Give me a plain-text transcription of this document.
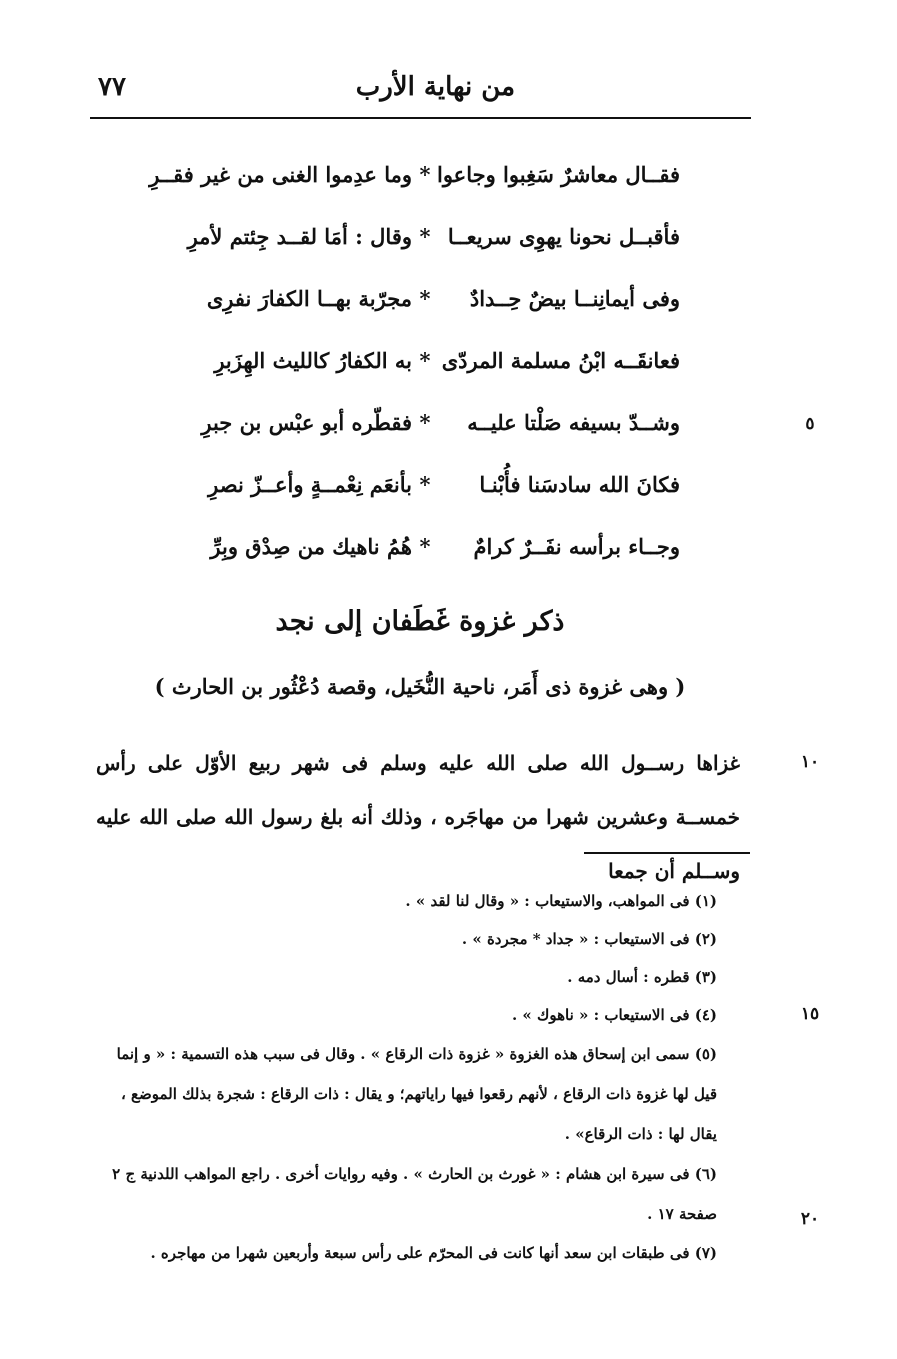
من نهاية الأرب
٧٧
فقــال معاشرٌ سَغِبوا وجاعوا
*
وما عدِموا الغنى من غير فقــرِ
فأقبــل نحونا يهوِى سريعــا
*
وقال : أمَا لقــد جِئتم لأمرِ
وفى أيمانِنــا بيضٌ حِــدادٌ
*
مجرّبة بهــا الكفارَ نفرِى
فعانقَــه ابْنُ مسلمة المردّى
*
به الكفارُ كالليث الهِزَبرِ
وشــدّ بسيفه صَلْتا عليــه
*
فقطّره أبو عبْس بن جبرِ
فكانَ الله سادسَنا فأُبْنـا
*
بأنعَم نِعْمــةٍ وأعــزّ نصرِ
وجــاء برأسه نفَــرٌ كرامٌ
*
هُمُ ناهيك من صِدْق وبِرِّ
٥
ذكر غزوة غَطَفان إلى نجد
( وهى غزوة ذى أَمَر، ناحية النُّخَيل، وقصة دُعْثُور بن الحارث )
غزاها رســول الله صلى الله عليه وسلم فى شهر ربيع الأوّل على رأس خمســة وعشرين شهرا من مهاجَره ، وذلك أنه بلغ رسول الله صلى الله عليه وســلم أن جمعا
١٠
(١) فى المواهب، والاستيعاب : « وقال لنا لقد » .
(٢) فى الاستيعاب : « جداد * مجردة » .
(٣) قطره : أسال دمه .
(٤) فى الاستيعاب : « ناهوك » .
(٥) سمى ابن إسحاق هذه الغزوة « غزوة ذات الرقاع » . وقال فى سبب هذه التسمية : « و إنما قيل لها غزوة ذات الرقاع ، لأنهم رقعوا فيها راياتهم؛ و يقال : ذات الرقاع : شجرة بذلك الموضع ، يقال لها : ذات الرقاع» .
(٦) فى سيرة ابن هشام : « غورث بن الحارث » . وفيه روايات أخرى . راجع المواهب اللدنية ج ٢ صفحة ١٧ .
(٧) فى طبقات ابن سعد أنها كانت فى المحرّم على رأس سبعة وأربعين شهرا من مهاجره .
١٥
٢٠
